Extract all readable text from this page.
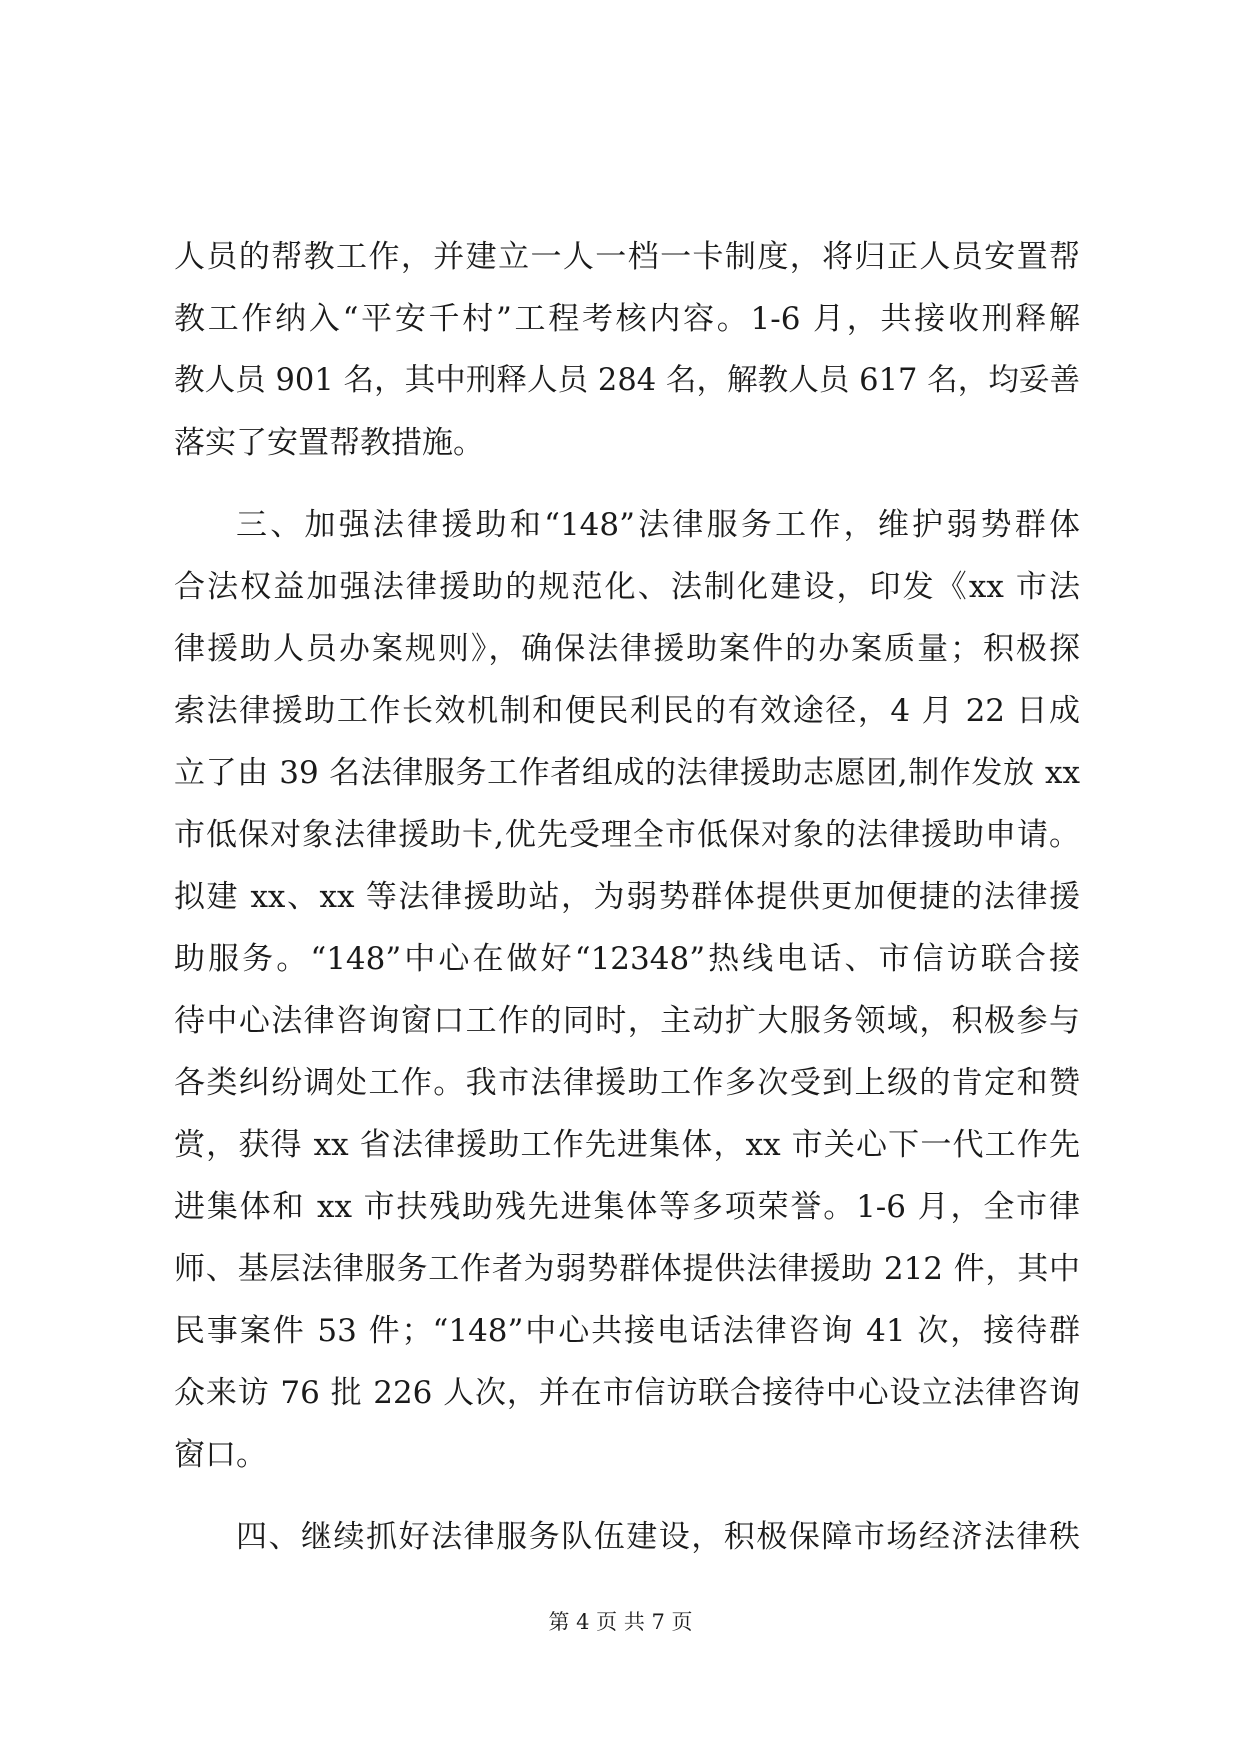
人员的帮教工作，并建立一人一档一卡制度，将归正人员安置帮
教工作纳入“平安千村”工程考核内容。1-6 月，共接收刑释解
教人员 901 名，其中刑释人员 284 名，解教人员 617 名，均妥善
落实了安置帮教措施。
三、加强法律援助和“148”法律服务工作，维护弱势群体
合法权益加强法律援助的规范化、法制化建设，印发《xx 市法
律援助人员办案规则》，确保法律援助案件的办案质量；积极探
索法律援助工作长效机制和便民利民的有效途径，4 月 22 日成
立了由 39 名法律服务工作者组成的法律援助志愿团,制作发放 xx
市低保对象法律援助卡,优先受理全市低保对象的法律援助申请。
拟建 xx、xx 等法律援助站，为弱势群体提供更加便捷的法律援
助服务。“148”中心在做好“12348”热线电话、市信访联合接
待中心法律咨询窗口工作的同时，主动扩大服务领域，积极参与
各类纠纷调处工作。我市法律援助工作多次受到上级的肯定和赞
赏，获得 xx 省法律援助工作先进集体，xx 市关心下一代工作先
进集体和 xx 市扶残助残先进集体等多项荣誉。1-6 月，全市律
师、基层法律服务工作者为弱势群体提供法律援助 212 件，其中
民事案件 53 件；“148”中心共接电话法律咨询 41 次，接待群
众来访 76 批 226 人次，并在市信访联合接待中心设立法律咨询
窗口。
四、继续抓好法律服务队伍建设，积极保障市场经济法律秩
第 4 页 共 7 页
